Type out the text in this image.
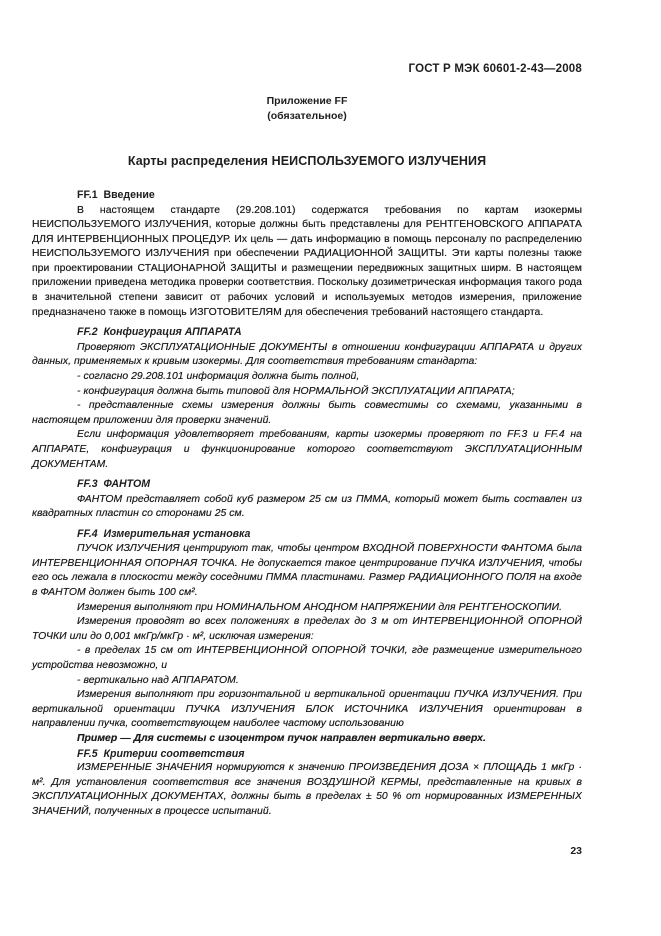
ГОСТ Р МЭК 60601-2-43—2008
Приложение FF
(обязательное)
Карты распределения НЕИСПОЛЬЗУЕМОГО ИЗЛУЧЕНИЯ
FF.1  Введение

В настоящем стандарте (29.208.101) содержатся требования по картам изокермы НЕИСПОЛЬЗУЕМОГО ИЗЛУЧЕНИЯ, которые должны быть представлены для РЕНТГЕНОВСКОГО АППАРАТА ДЛЯ ИНТЕРВЕНЦИОННЫХ ПРОЦЕДУР. Их цель — дать информацию в помощь персоналу по распределению НЕИСПОЛЬЗУЕМОГО ИЗЛУЧЕНИЯ при обеспечении РАДИАЦИОННОЙ ЗАЩИТЫ. Эти карты полезны также при проектировании СТАЦИОНАРНОЙ ЗАЩИТЫ и размещении передвижных защитных ширм. В настоящем приложении приведена методика проверки соответствия. Поскольку дозиметрическая информация такого рода в значительной степени зависит от рабочих условий и используемых методов измерения, приложение предназначено также в помощь ИЗГОТОВИТЕЛЯМ для обеспечения требований настоящего стандарта.

FF.2  Конфигурация АППАРАТА

Проверяют ЭКСПЛУАТАЦИОННЫЕ ДОКУМЕНТЫ в отношении конфигурации АППАРАТА и других данных, применяемых к кривым изокермы. Для соответствия требованиям стандарта:

- согласно 29.208.101 информация должна быть полной,

- конфигурация должна быть типовой для НОРМАЛЬНОЙ ЭКСПЛУАТАЦИИ АППАРАТА;

- представленные схемы измерения должны быть совместимы со схемами, указанными в настоящем приложении для проверки значений.

Если информация удовлетворяет требованиям, карты изокермы проверяют по FF.3 и FF.4 на АППАРАТЕ, конфигурация и функционирование которого соответствуют ЭКСПЛУАТАЦИОННЫМ ДОКУМЕНТАМ.

FF.3  ФАНТОМ

ФАНТОМ представляет собой куб размером 25 см из ПММА, который может быть составлен из квадратных пластин со сторонами 25 см.

FF.4  Измерительная установка

ПУЧОК ИЗЛУЧЕНИЯ центрируют так, чтобы центром ВХОДНОЙ ПОВЕРХНОСТИ ФАНТОМА была ИНТЕРВЕНЦИОННАЯ ОПОРНАЯ ТОЧКА. Не допускается такое центрирование ПУЧКА ИЗЛУЧЕНИЯ, чтобы его ось лежала в плоскости между соседними ПММА пластинами. Размер РАДИАЦИОННОГО ПОЛЯ на входе в ФАНТОМ должен быть 100 см².

Измерения выполняют при НОМИНАЛЬНОМ АНОДНОМ НАПРЯЖЕНИИ для РЕНТГЕНОСКОПИИ.

Измерения проводят во всех положениях в пределах до 3 м от ИНТЕРВЕНЦИОННОЙ ОПОРНОЙ ТОЧКИ или до 0,001 мкГр/мкГр · м², исключая измерения:

- в пределах 15 см от ИНТЕРВЕНЦИОННОЙ ОПОРНОЙ ТОЧКИ, где размещение измерительного устройства невозможно, и

- вертикально над АППАРАТОМ.

Измерения выполняют при горизонтальной и вертикальной ориентации ПУЧКА ИЗЛУЧЕНИЯ. При вертикальной ориентации ПУЧКА ИЗЛУЧЕНИЯ БЛОК ИСТОЧНИКА ИЗЛУЧЕНИЯ ориентирован в направлении пучка, соответствующем наиболее частому использованию

Пример — Для системы с изоцентром пучок направлен вертикально вверх.

FF.5  Критерии соответствия

ИЗМЕРЕННЫЕ ЗНАЧЕНИЯ нормируются к значению ПРОИЗВЕДЕНИЯ ДОЗА × ПЛОЩАДЬ 1 мкГр · м². Для установления соответствия все значения ВОЗДУШНОЙ КЕРМЫ, представленные на кривых в ЭКСПЛУАТАЦИОННЫХ ДОКУМЕНТАХ, должны быть в пределах ± 50 % от нормированных ИЗМЕРЕННЫХ ЗНАЧЕНИЙ, полученных в процессе испытаний.

23
